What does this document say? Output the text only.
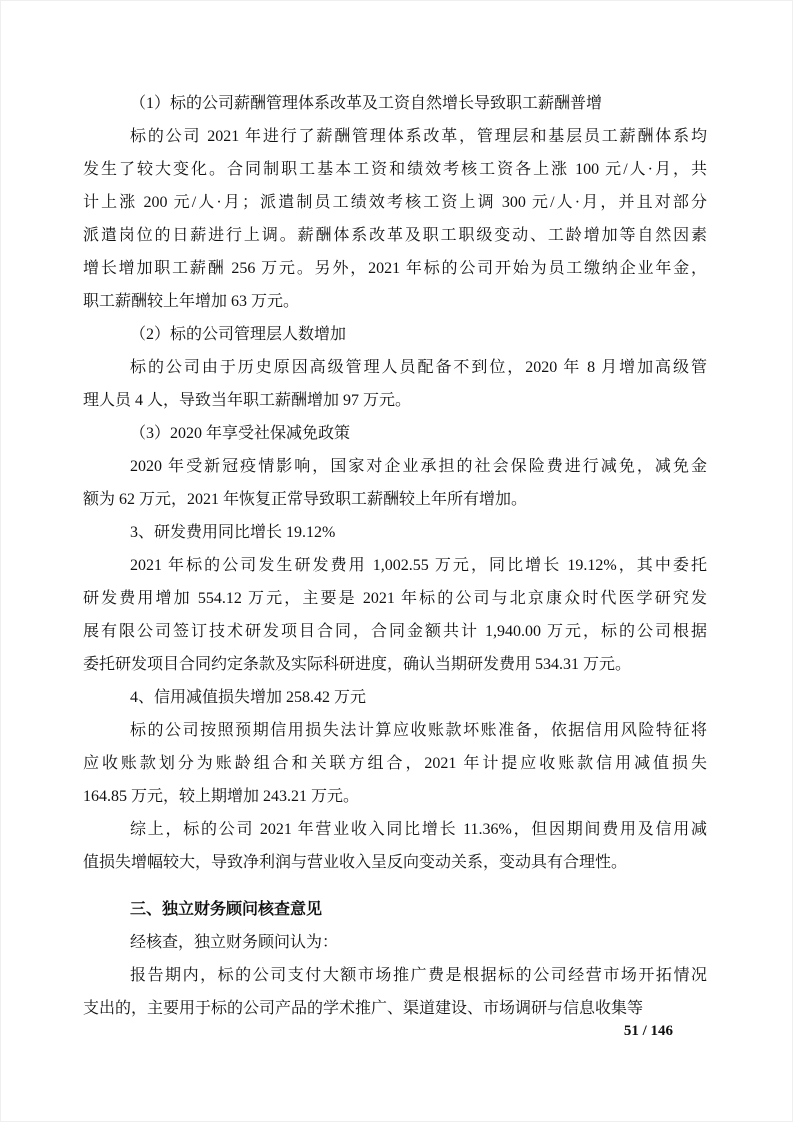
（1）标的公司薪酬管理体系改革及工资自然增长导致职工薪酬普增
标的公司 2021 年进行了薪酬管理体系改革，管理层和基层员工薪酬体系均
发生了较大变化。合同制职工基本工资和绩效考核工资各上涨 100 元/人·月，共
计上涨 200 元/人·月；派遣制员工绩效考核工资上调 300 元/人·月，并且对部分
派遣岗位的日薪进行上调。薪酬体系改革及职工职级变动、工龄增加等自然因素
增长增加职工薪酬 256 万元。另外，2021 年标的公司开始为员工缴纳企业年金，
职工薪酬较上年增加 63 万元。
（2）标的公司管理层人数增加
标的公司由于历史原因高级管理人员配备不到位，2020 年 8 月增加高级管
理人员 4 人，导致当年职工薪酬增加 97 万元。
（3）2020 年享受社保减免政策
2020 年受新冠疫情影响，国家对企业承担的社会保险费进行减免，减免金
额为 62 万元，2021 年恢复正常导致职工薪酬较上年所有增加。
3、研发费用同比增长 19.12%
2021 年标的公司发生研发费用 1,002.55 万元，同比增长 19.12%，其中委托
研发费用增加 554.12 万元，主要是 2021 年标的公司与北京康众时代医学研究发
展有限公司签订技术研发项目合同，合同金额共计 1,940.00 万元，标的公司根据
委托研发项目合同约定条款及实际科研进度，确认当期研发费用 534.31 万元。
4、信用减值损失增加 258.42 万元
标的公司按照预期信用损失法计算应收账款坏账准备，依据信用风险特征将
应收账款划分为账龄组合和关联方组合，2021 年计提应收账款信用减值损失
164.85 万元，较上期增加 243.21 万元。
综上，标的公司 2021 年营业收入同比增长 11.36%，但因期间费用及信用减
值损失增幅较大，导致净利润与营业收入呈反向变动关系，变动具有合理性。
三、独立财务顾问核查意见
经核查，独立财务顾问认为：
报告期内，标的公司支付大额市场推广费是根据标的公司经营市场开拓情况
支出的，主要用于标的公司产品的学术推广、渠道建设、市场调研与信息收集等
51 / 146
